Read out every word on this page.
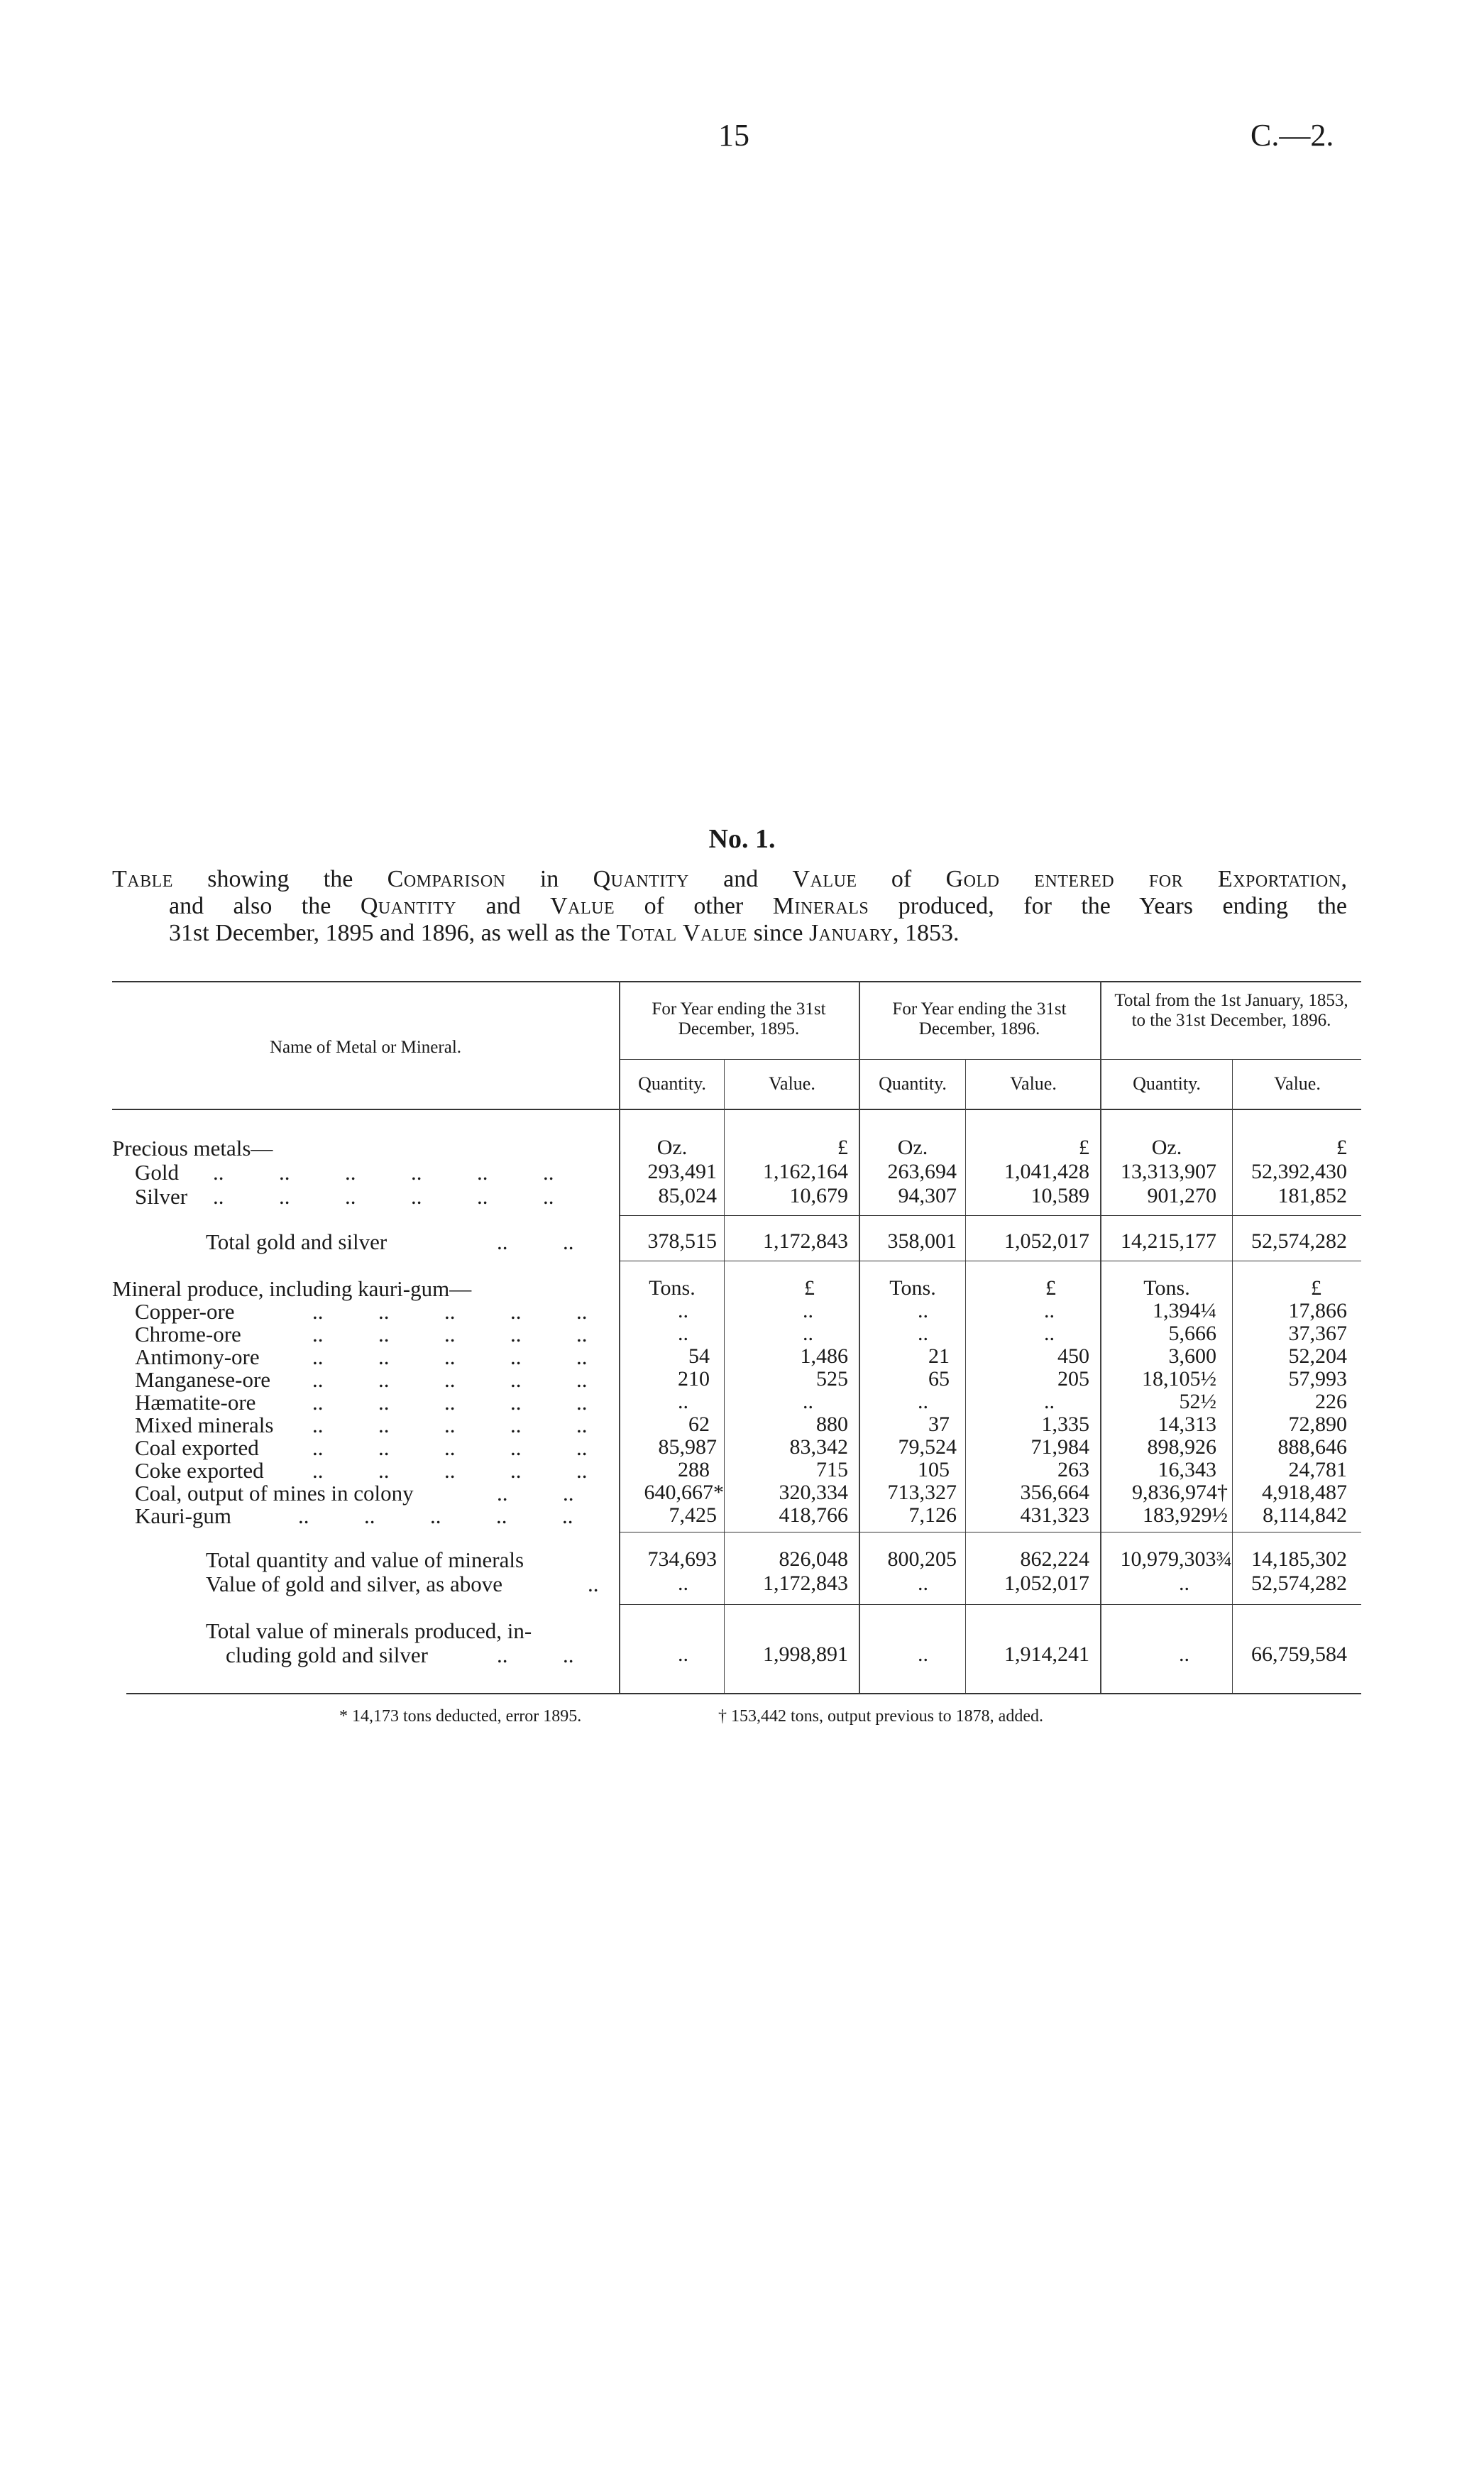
15	C.—2.
No. 1.
Table showing the Comparison in Quantity and Value of Gold entered for Exportation,
and also the Quantity and Value of other Minerals produced, for the Years ending the
31st December, 1895 and 1896, as well as the Total Value since January, 1853.
Name of Metal or Mineral.
For Year ending the 31st December, 1895.
For Year ending the 31st December, 1896.
Total from the 1st January, 1853, to the 31st December, 1896.
Quantity.	Value.	Quantity.	Value.	Quantity.	Value.
Precious metals—	Oz.	£	Oz.	£	Oz.	£
Gold ..          ..          ..          ..          ..          ..	293,491	1,162,164	263,694	1,041,428	13,313,907	52,392,430
Silver ..          ..          ..          ..          ..          ..	85,024	10,679	94,307	10,589	901,270	181,852
Total gold and silver	..          ..	378,515	1,172,843	358,001	1,052,017	14,215,177	52,574,282
Mineral produce, including kauri-gum—	Tons.	£	Tons.	£	Tons.	£
Copper-ore	..          ..          ..          ..          ..	..	..	..	..	1,394¼	17,866
Chrome-ore	..          ..          ..          ..          ..	..	..	..	..	5,666	37,367
Antimony-ore ..          ..          ..          ..          ..	54	1,486	21	450	3,600	52,204
Manganese-ore ..          ..          ..          ..          ..	210	525	65	205	18,105½	57,993
Hæmatite-ore	..          ..          ..          ..          ..	..	..	..	..	52½	226
Mixed minerals ..          ..          ..          ..          ..	62	880	37	1,335	14,313	72,890
Coal exported ..          ..          ..          ..          ..	85,987	83,342	79,524	71,984	898,926	888,646
Coke exported ..          ..          ..          ..          ..	288	715	105	263	16,343	24,781
Coal, output of mines in colony	..          ..	640,667*	320,334	713,327	356,664	9,836,974†	4,918,487
Kauri-gum	..          ..          ..          ..          ..	7,425	418,766	7,126	431,323	183,929½	8,114,842
Total quantity and value of minerals	734,693	826,048	800,205	862,224	10,979,303¾ 14,185,302
Value of gold and silver, as above	..	..	1,172,843	..	1,052,017	..	52,574,282
Total value of minerals produced, in-
cluding gold and silver	..          ..	..	1,998,891	..	1,914,241	..	66,759,584
* 14,173 tons deducted, error 1895.	† 153,442 tons, output previous to 1878, added.
